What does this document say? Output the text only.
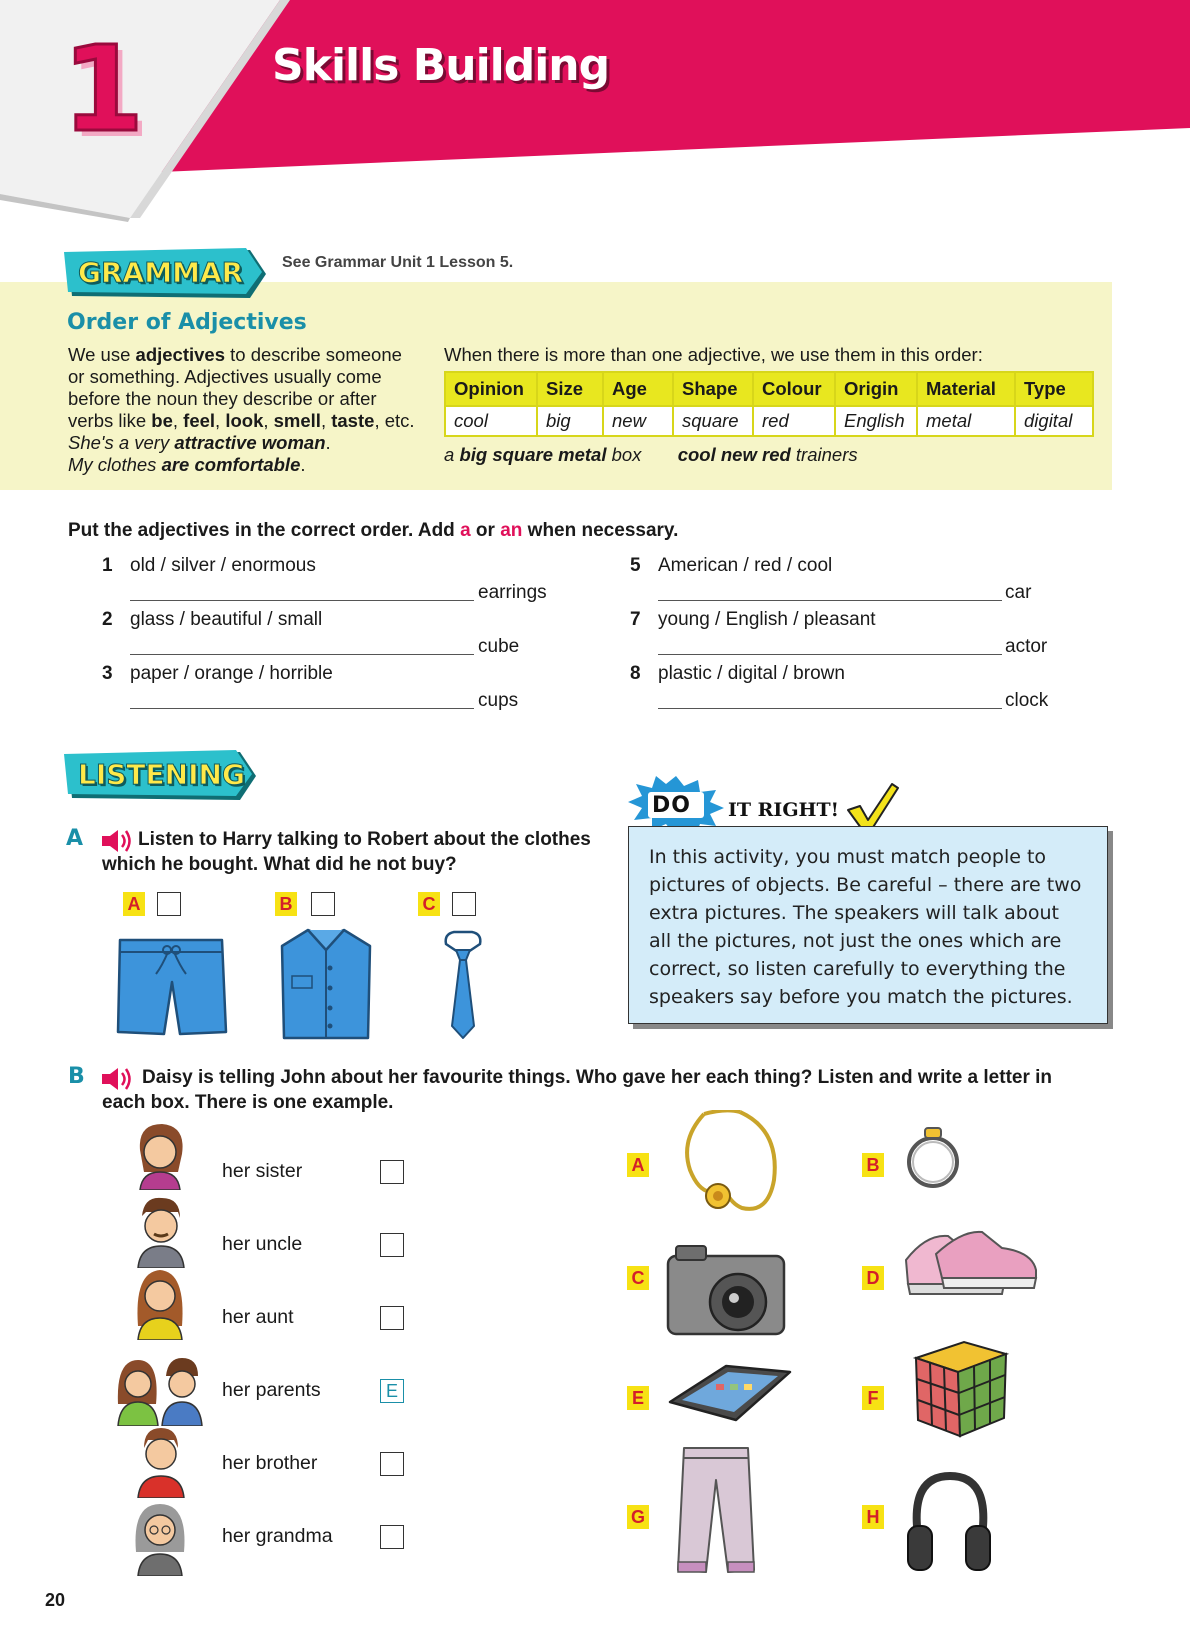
1	Skills Building
GRAMMAR See Grammar Unit 1 Lesson 5.
Order of Adjectives
We use adjectives to describe someone
or something. Adjectives usually come
before the noun they describe or after
verbs like be, feel, look, smell, taste, etc.
She's a very attractive woman.
My clothes are comfortable.
When there is more than one adjective, we use them in this order:
Opinion	Size	Age	Shape	Colour	Origin	Material	Type
cool	big	new	square	red	English	metal	digital
a big square metal box cool new red trainers
Put the adjectives in the correct order. Add a or an when necessary.
1 old / silver / enormous
earrings
2 glass / beautiful / small
cube
3 paper / orange / horrible
cups
5 American / red / cool
car
7 young / English / pleasant
actor
8 plastic / digital / brown
clock
LISTENING
A	Listen to Harry talking to Robert about the clothes
which he bought. What did he not buy?
A	B	C
DO IT RIGHT!
In this activity, you must match people to
pictures of objects. Be careful – there are two
extra pictures. The speakers will talk about
all the pictures, not just the ones which are
correct, so listen carefully to everything the
speakers say before you match the pictures.
B	Daisy is telling John about her favourite things. Who gave her each thing? Listen and write a letter in
each box. There is one example.
her sister
her uncle
her aunt
her parents	E
her brother
her grandma
A	B
C	D
E	F
G	H
20
